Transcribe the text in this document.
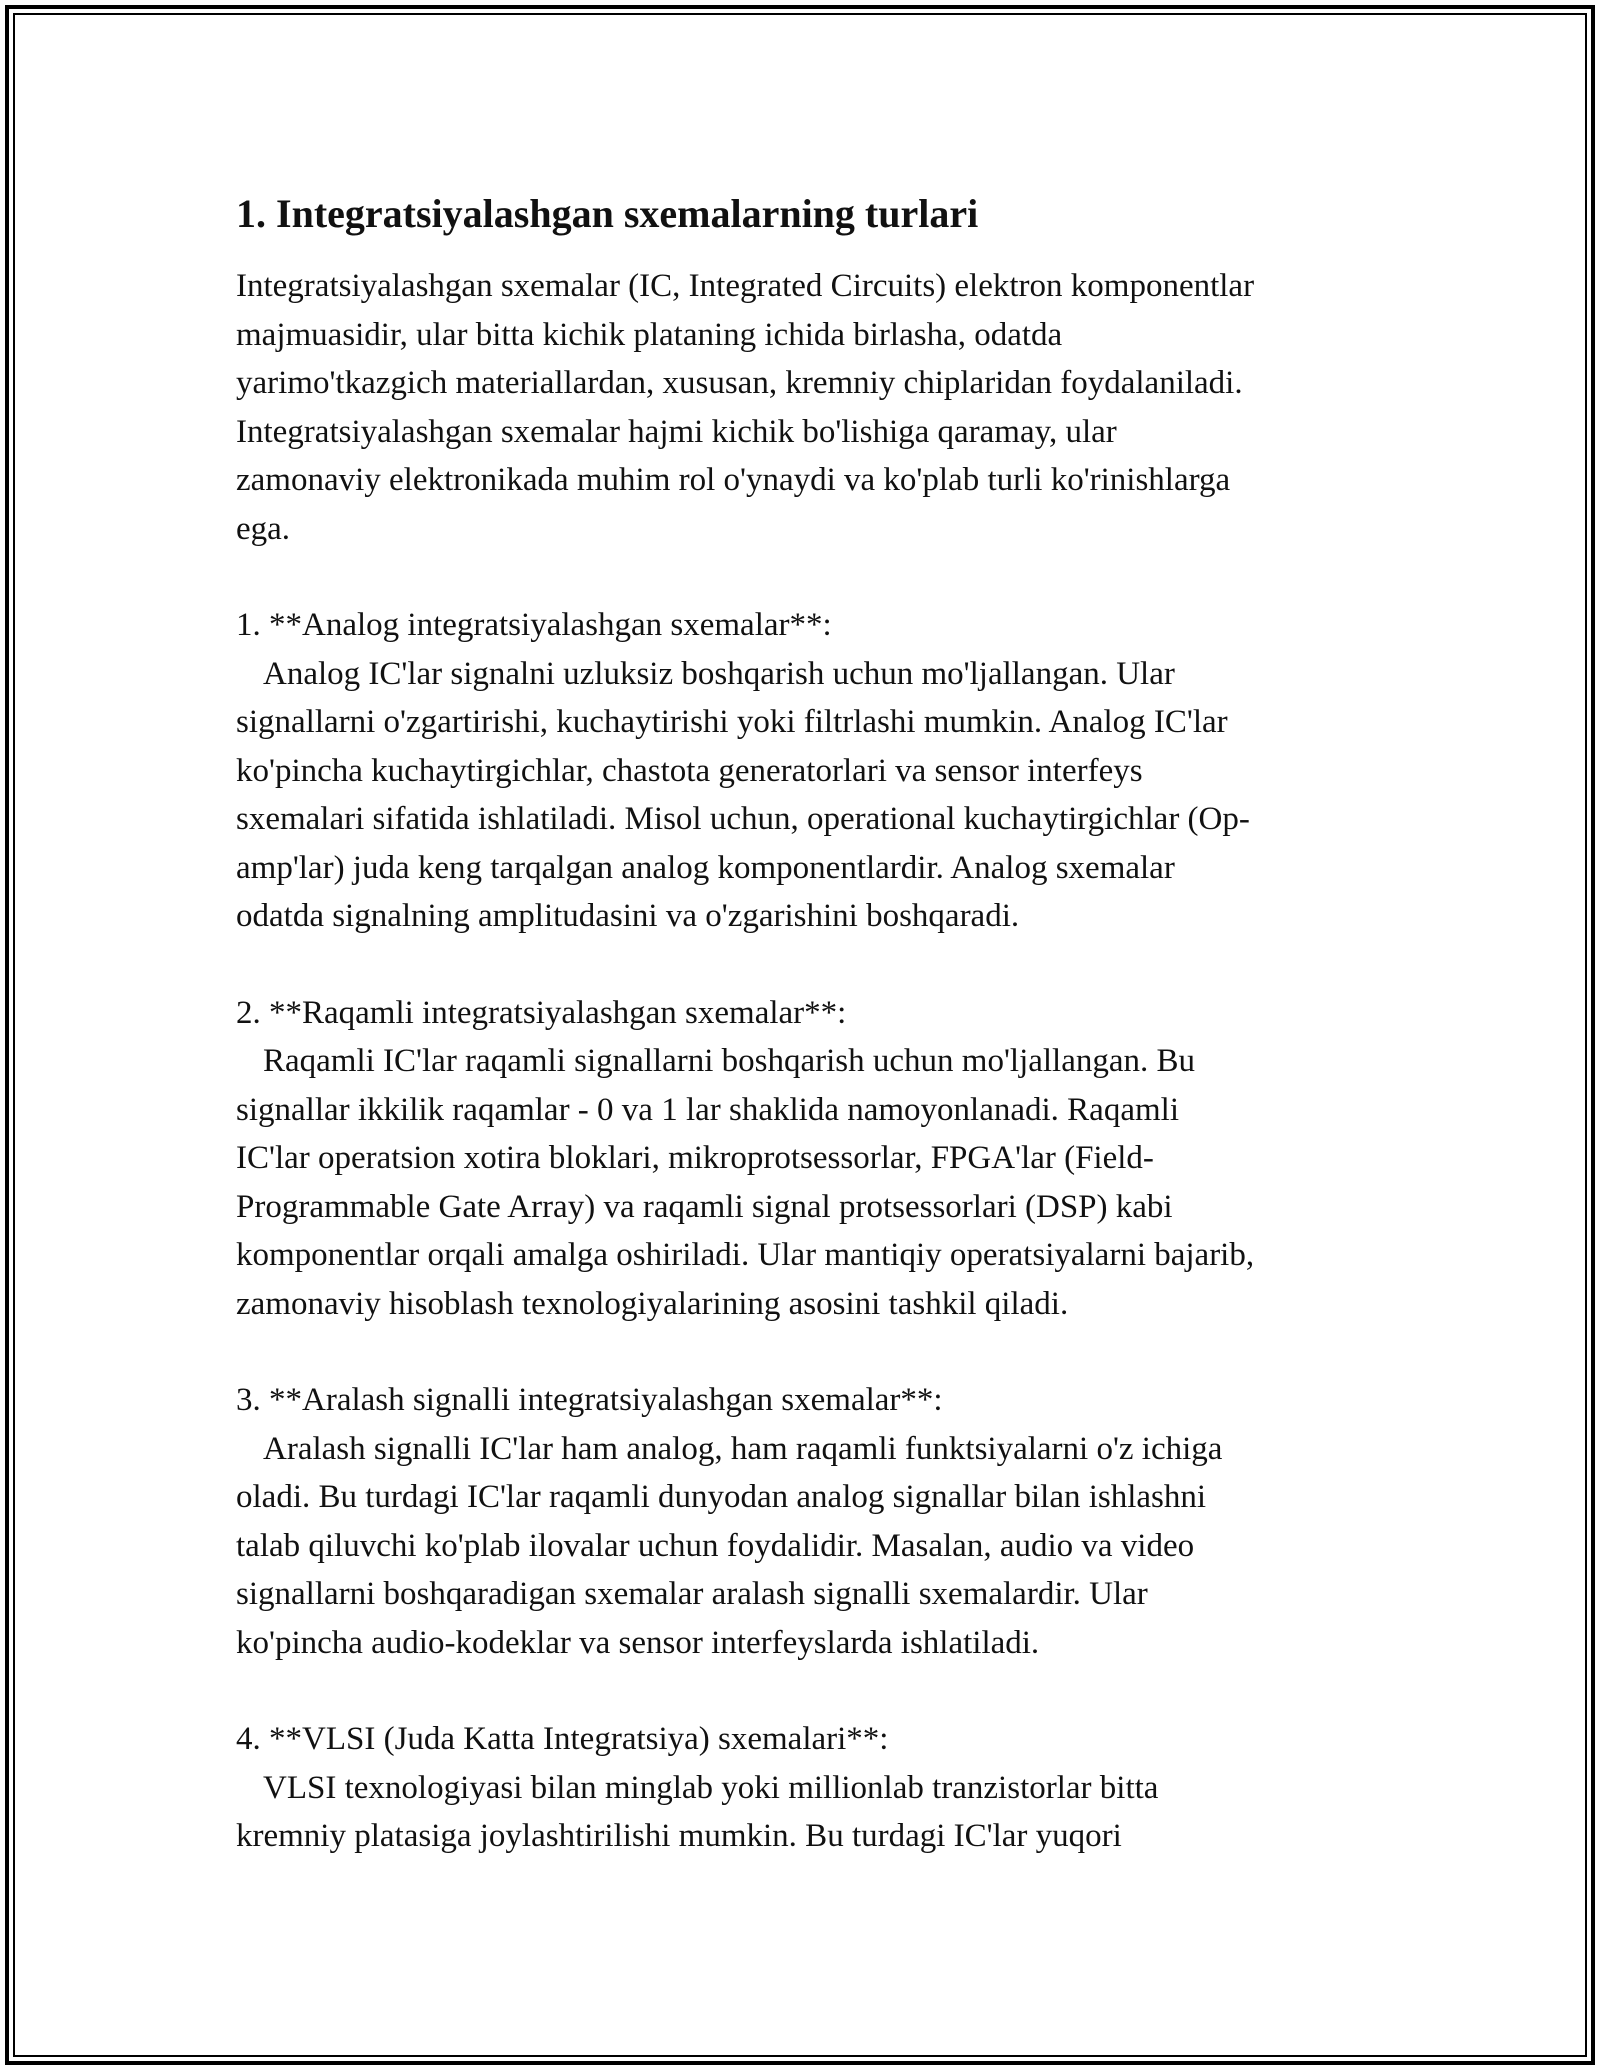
1. Integratsiyalashgan sxemalarning turlari

Integratsiyalashgan sxemalar (IC, Integrated Circuits) elektron komponentlar

majmuasidir, ular bitta kichik plataning ichida birlasha, odatda

yarimo'tkazgich materiallardan, xususan, kremniy chiplaridan foydalaniladi.

Integratsiyalashgan sxemalar hajmi kichik bo'lishiga qaramay, ular

zamonaviy elektronikada muhim rol o'ynaydi va ko'plab turli ko'rinishlarga

ega.

1. **Analog integratsiyalashgan sxemalar**:

Analog IC'lar signalni uzluksiz boshqarish uchun mo'ljallangan. Ular

signallarni o'zgartirishi, kuchaytirishi yoki filtrlashi mumkin. Analog IC'lar

ko'pincha kuchaytirgichlar, chastota generatorlari va sensor interfeys

sxemalari sifatida ishlatiladi. Misol uchun, operational kuchaytirgichlar (Op-

amp'lar) juda keng tarqalgan analog komponentlardir. Analog sxemalar

odatda signalning amplitudasini va o'zgarishini boshqaradi.

2. **Raqamli integratsiyalashgan sxemalar**:

Raqamli IC'lar raqamli signallarni boshqarish uchun mo'ljallangan. Bu

signallar ikkilik raqamlar - 0 va 1 lar shaklida namoyonlanadi. Raqamli

IC'lar operatsion xotira bloklari, mikroprotsessorlar, FPGA'lar (Field-

Programmable Gate Array) va raqamli signal protsessorlari (DSP) kabi

komponentlar orqali amalga oshiriladi. Ular mantiqiy operatsiyalarni bajarib,

zamonaviy hisoblash texnologiyalarining asosini tashkil qiladi.

3. **Aralash signalli integratsiyalashgan sxemalar**:

Aralash signalli IC'lar ham analog, ham raqamli funktsiyalarni o'z ichiga

oladi. Bu turdagi IC'lar raqamli dunyodan analog signallar bilan ishlashni

talab qiluvchi ko'plab ilovalar uchun foydalidir. Masalan, audio va video

signallarni boshqaradigan sxemalar aralash signalli sxemalardir. Ular

ko'pincha audio-kodeklar va sensor interfeyslarda ishlatiladi.

4. **VLSI (Juda Katta Integratsiya) sxemalari**:

VLSI texnologiyasi bilan minglab yoki millionlab tranzistorlar bitta

kremniy platasiga joylashtirilishi mumkin. Bu turdagi IC'lar yuqori
